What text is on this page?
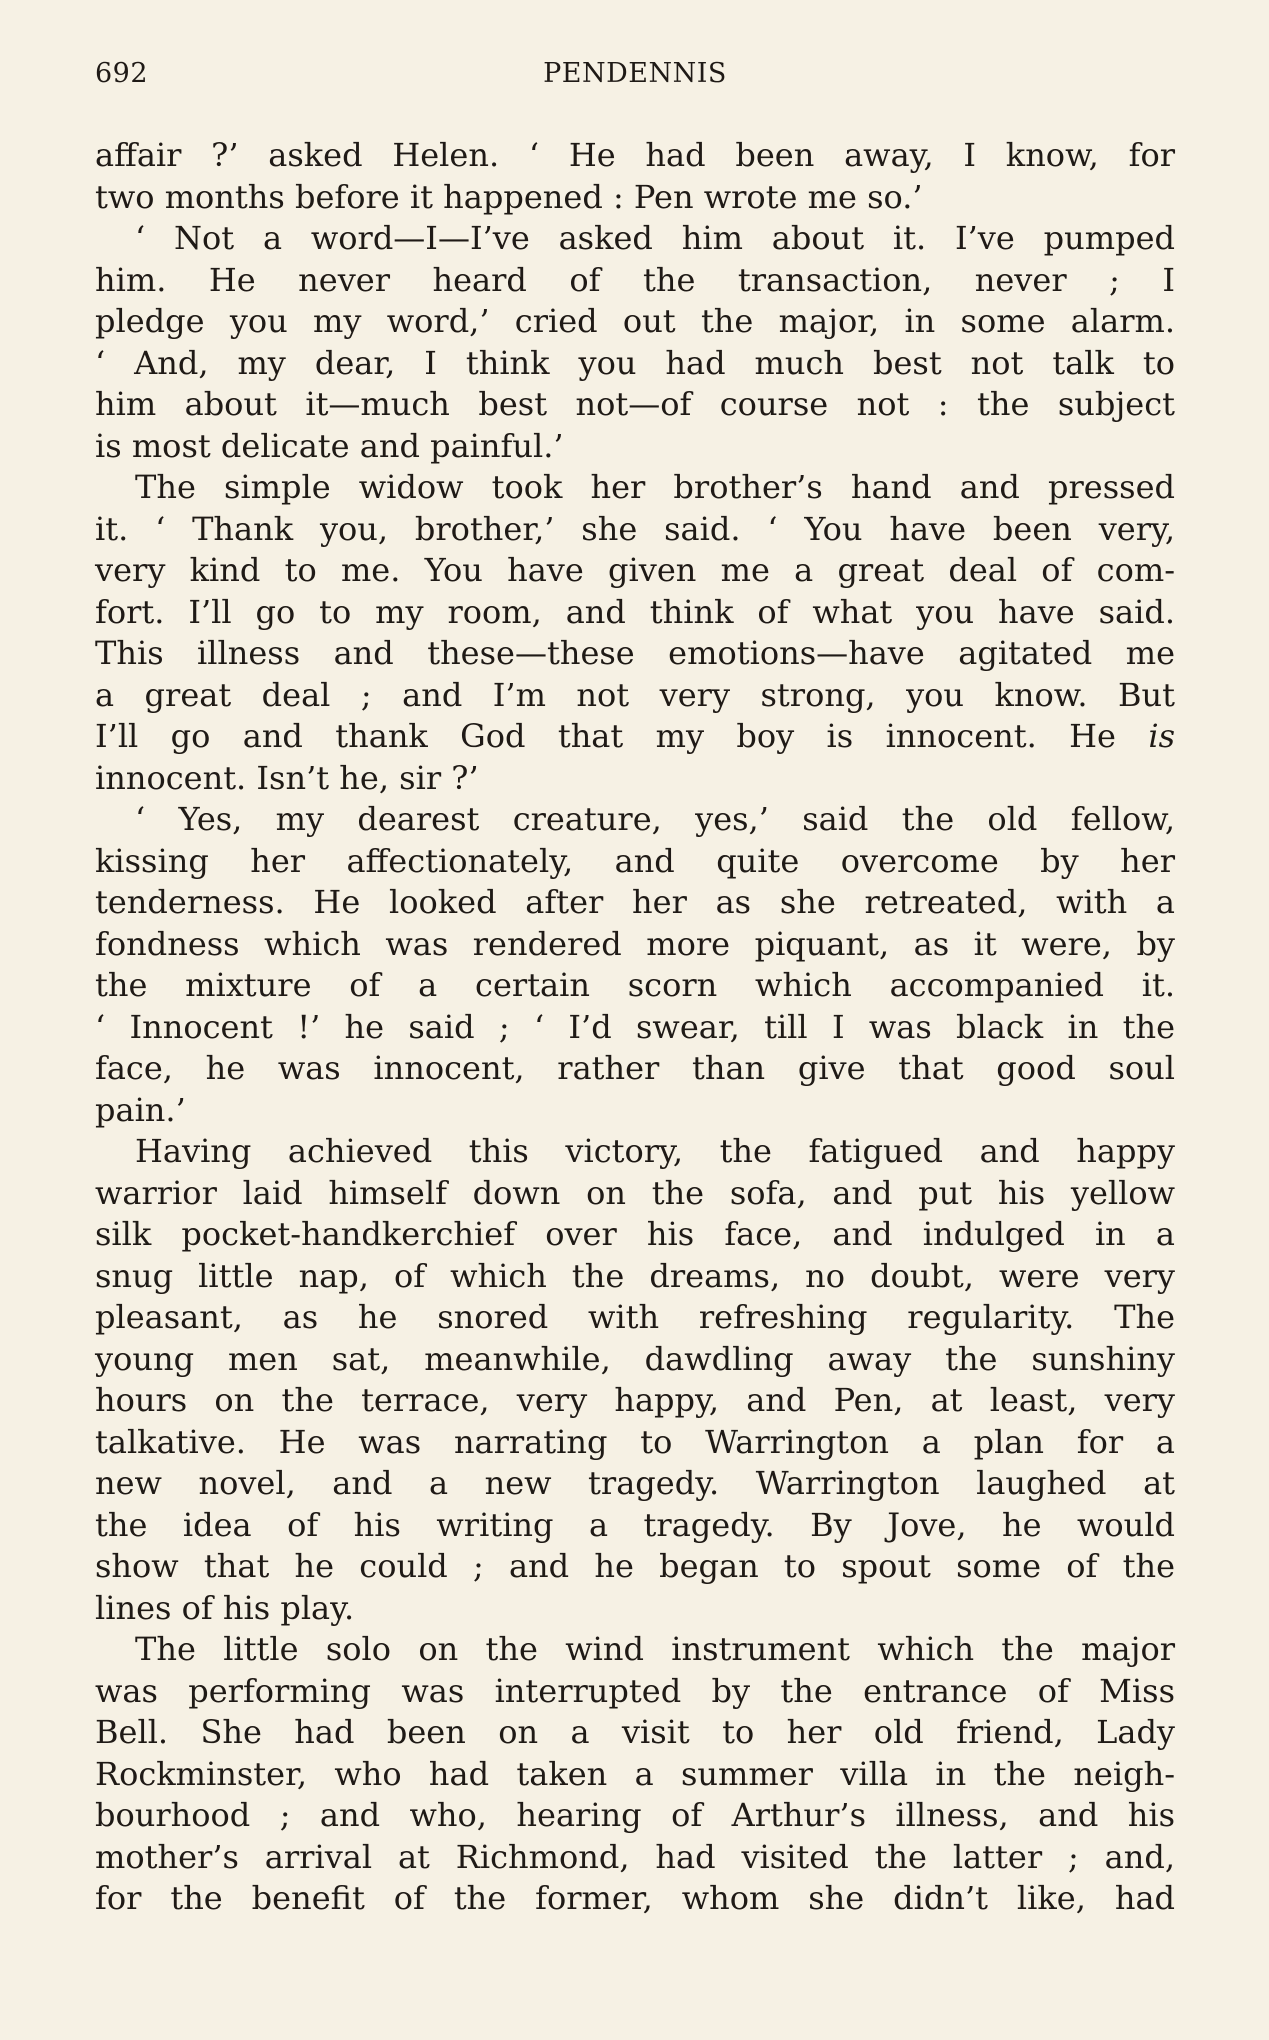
692	PENDENNIS
affair ?’ asked Helen. ‘ He had been away, I know, for
two months before it happened : Pen wrote me so.’
‘ Not a word—I—I’ve asked him about it. I’ve pumped
him. He never heard of the transaction, never ; I
pledge you my word,’ cried out the major, in some alarm.
‘ And, my dear, I think you had much best not talk to
him about it—much best not—of course not : the subject
is most delicate and painful.’
The simple widow took her brother’s hand and pressed
it. ‘ Thank you, brother,’ she said. ‘ You have been very,
very kind to me. You have given me a great deal of com-
fort. I’ll go to my room, and think of what you have said.
This illness and these—these emotions—have agitated me
a great deal ; and I’m not very strong, you know. But
I’ll go and thank God that my boy is innocent. He is
innocent. Isn’t he, sir ?’
‘ Yes, my dearest creature, yes,’ said the old fellow,
kissing her affectionately, and quite overcome by her
tenderness. He looked after her as she retreated, with a
fondness which was rendered more piquant, as it were, by
the mixture of a certain scorn which accompanied it.
‘ Innocent !’ he said ; ‘ I’d swear, till I was black in the
face, he was innocent, rather than give that good soul
pain.’
Having achieved this victory, the fatigued and happy
warrior laid himself down on the sofa, and put his yellow
silk pocket-handkerchief over his face, and indulged in a
snug little nap, of which the dreams, no doubt, were very
pleasant, as he snored with refreshing regularity. The
young men sat, meanwhile, dawdling away the sunshiny
hours on the terrace, very happy, and Pen, at least, very
talkative. He was narrating to Warrington a plan for a
new novel, and a new tragedy. Warrington laughed at
the idea of his writing a tragedy. By Jove, he would
show that he could ; and he began to spout some of the
lines of his play.
The little solo on the wind instrument which the major
was performing was interrupted by the entrance of Miss
Bell. She had been on a visit to her old friend, Lady
Rockminster, who had taken a summer villa in the neigh-
bourhood ; and who, hearing of Arthur’s illness, and his
mother’s arrival at Richmond, had visited the latter ; and,
for the benefit of the former, whom she didn’t like, had
